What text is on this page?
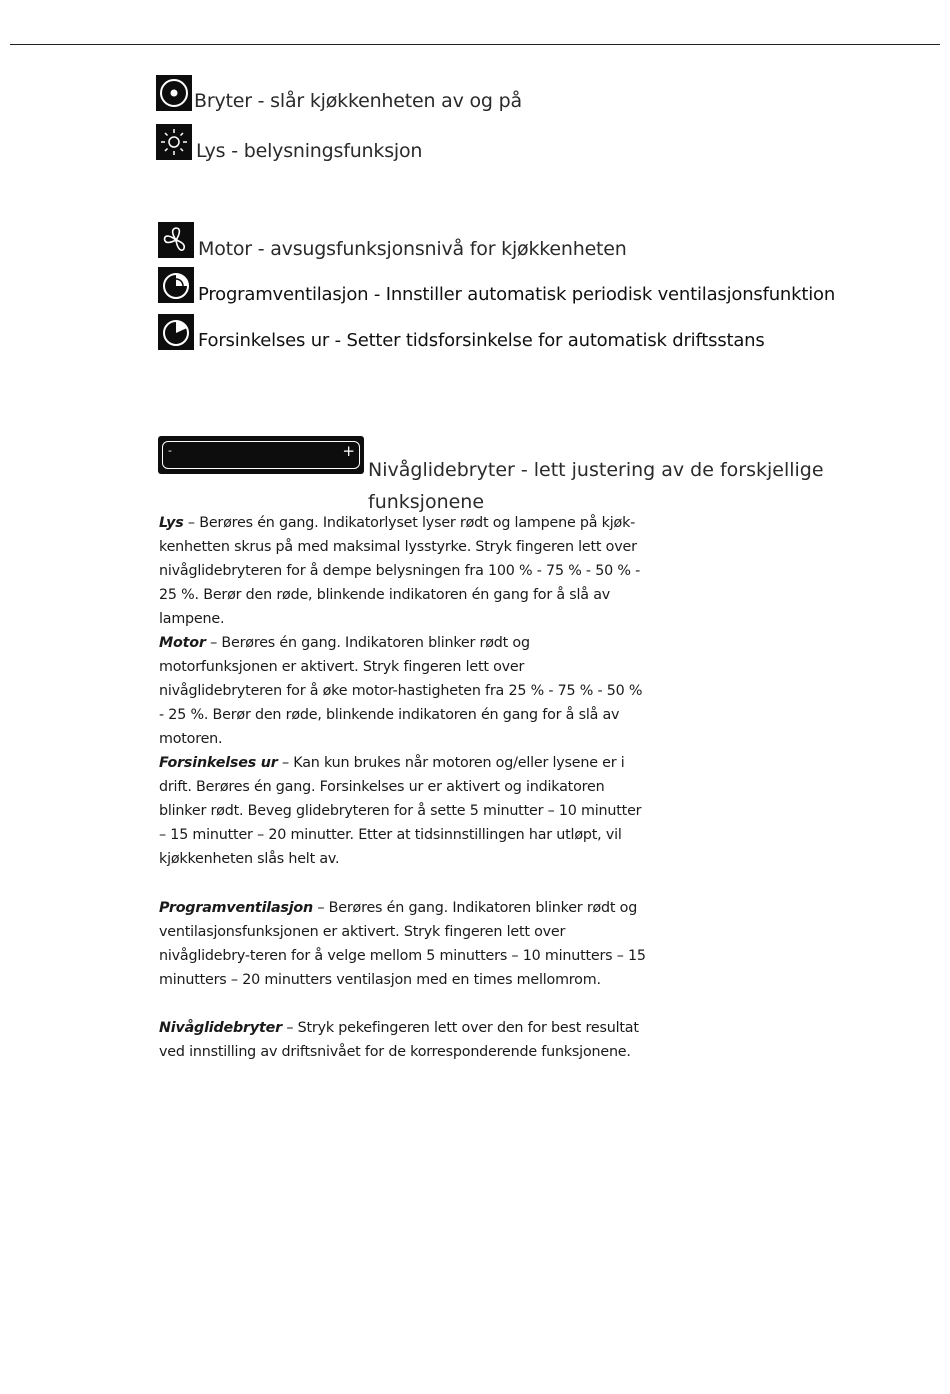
Bryter - slår kjøkkenheten av og på
Lys - belysningsfunksjon
Motor - avsugsfunksjonsnivå for kjøkkenheten
Programventilasjon - Innstiller automatisk periodisk ventilasjonsfunktion
Forsinkelses ur - Setter tidsforsinkelse for automatisk driftsstans
-	+
Nivåglidebryter - lett justering av de forskjellige funksjonene

Lys – Berøres én gang. Indikatorlyset lyser rødt og lampene på kjøk-kenhetten skrus på med maksimal lysstyrke. Stryk fingeren lett over nivåglidebryteren for å dempe belysningen fra 100 % - 75 % - 50 % - 25 %. Berør den røde, blinkende indikatoren én gang for å slå av lampene.

Motor – Berøres én gang. Indikatoren blinker rødt og motorfunksjonen er aktivert. Stryk fingeren lett over nivåglidebryteren for å øke motor-hastigheten fra 25 % - 75 % - 50 % - 25 %. Berør den røde, blinkende indikatoren én gang for å slå av motoren.

Forsinkelses ur – Kan kun brukes når motoren og/eller lysene er i drift. Berøres én gang. Forsinkelses ur er aktivert og indikatoren blinker rødt. Beveg glidebryteren for å sette 5 minutter – 10 minutter – 15 minutter – 20 minutter. Etter at tidsinnstillingen har utløpt, vil kjøkkenheten slås helt av.

Programventilasjon – Berøres én gang. Indikatoren blinker rødt og ventilasjonsfunksjonen er aktivert. Stryk fingeren lett over nivåglidebry-teren for å velge mellom 5 minutters – 10 minutters – 15 minutters – 20 minutters ventilasjon med en times mellomrom.

Nivåglidebryter – Stryk pekefingeren lett over den for best resultat ved innstilling av driftsnivået for de korresponderende funksjonene.
